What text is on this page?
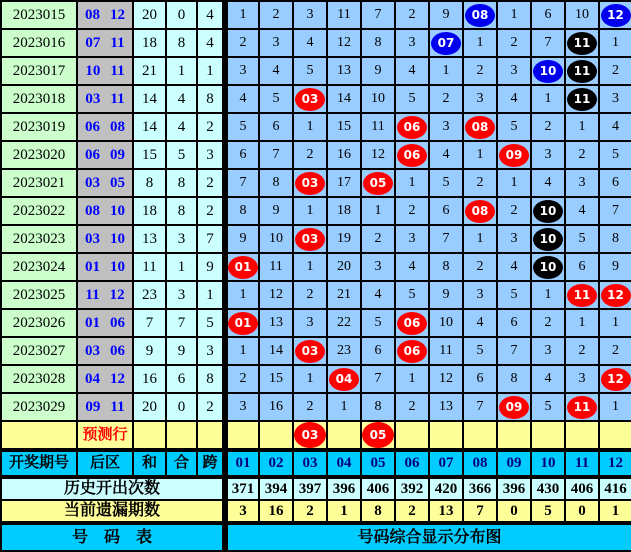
2023015	08 12	20	0	4	1	2	3	11	7	2	9	08	1	6	10	12
2023016	07 11	18	8	4	2	3	4	12	8	3	07	1	2	7	11	1
2023017	10 11	21	1	1	3	4	5	13	9	4	1	2	3	10	11	2
2023018	03 11	14	4	8	4	5	03	14	10	5	2	3	4	1	11	3
2023019	06 08	14	4	2	5	6	1	15	11	06	3	08	5	2	1	4
2023020	06 09	15	5	3	6	7	2	16	12	06	4	1	09	3	2	5
2023021	03 05	8	8	2	7	8	03	17	05	1	5	2	1	4	3	6
2023022	08 10	18	8	2	8	9	1	18	1	2	6	08	2	10	4	7
2023023	03 10	13	3	7	9	10	03	19	2	3	7	1	3	10	5	8
2023024	01 10	11	1	9	01	11	1	20	3	4	8	2	4	10	6	9
2023025	11 12	23	3	1	1	12	2	21	4	5	9	3	5	1	11	12
2023026	01 06	7	7	5	01	13	3	22	5	06	10	4	6	2	1	1
2023027	03 06	9	9	3	1	14	03	23	6	06	11	5	7	3	2	2
2023028	04 12	16	6	8	2	15	1	04	7	1	12	6	8	4	3	12
2023029	09 11	20	0	2	3	16	2	1	8	2	13	7	09	5	11	1
	预测行						03		05							
开奖期号	后区	和	合	跨	01	02	03	04	05	06	07	08	09	10	11	12
历史开出次数					371	394	397	396	406	392	420	366	396	430	406	416
当前遗漏期数					3	16	2	1	8	2	13	7	0	5	0	1
号　码　表					号码综合显示分布图											
